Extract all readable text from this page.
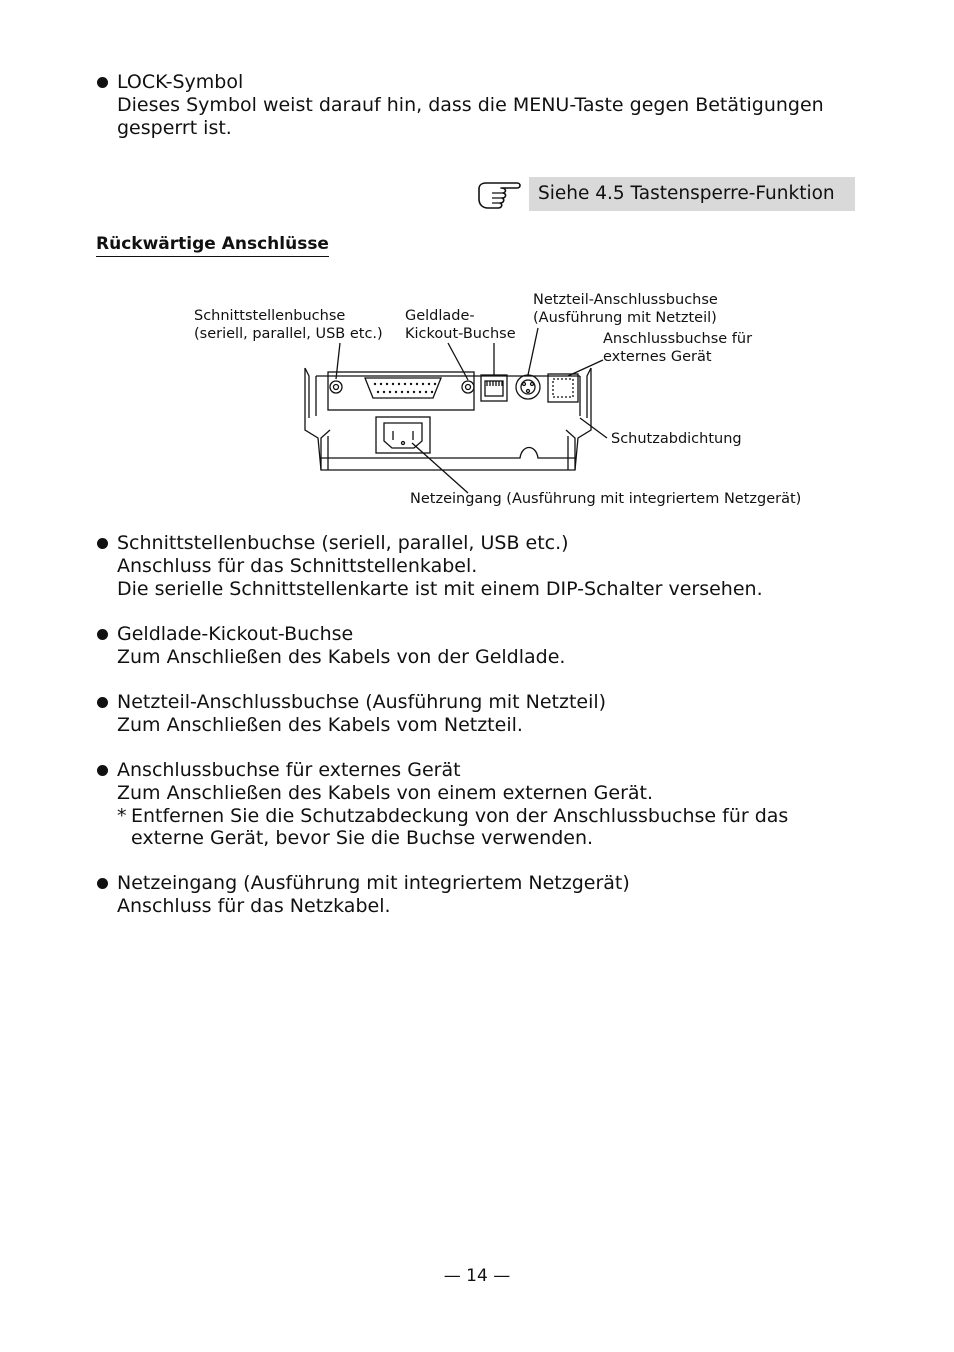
LOCK-Symbol
Dieses Symbol weist darauf hin, dass die MENU-Taste gegen Betätigungen
gesperrt ist.
Siehe 4.5 Tastensperre-Funktion
Rückwärtige Anschlüsse
Schnittstellenbuchse
(seriell, parallel, USB etc.)
Geldlade-
Kickout-Buchse
Netzteil-Anschlussbuchse
(Ausführung mit Netzteil)
Anschlussbuchse für
externes Gerät
Schutzabdichtung
Netzeingang (Ausführung mit integriertem Netzgerät)
Schnittstellenbuchse (seriell, parallel, USB etc.)
Anschluss für das Schnittstellenkabel.
Die serielle Schnittstellenkarte ist mit einem DIP-Schalter versehen.
Geldlade-Kickout-Buchse
Zum Anschließen des Kabels von der Geldlade.
Netzteil-Anschlussbuchse (Ausführung mit Netzteil)
Zum Anschließen des Kabels vom Netzteil.
Anschlussbuchse für externes Gerät
Zum Anschließen des Kabels von einem externen Gerät.
* Entfernen Sie die Schutzabdeckung von der Anschlussbuchse für das
externe Gerät, bevor Sie die Buchse verwenden.
Netzeingang (Ausführung mit integriertem Netzgerät)
Anschluss für das Netzkabel.
— 14 —
